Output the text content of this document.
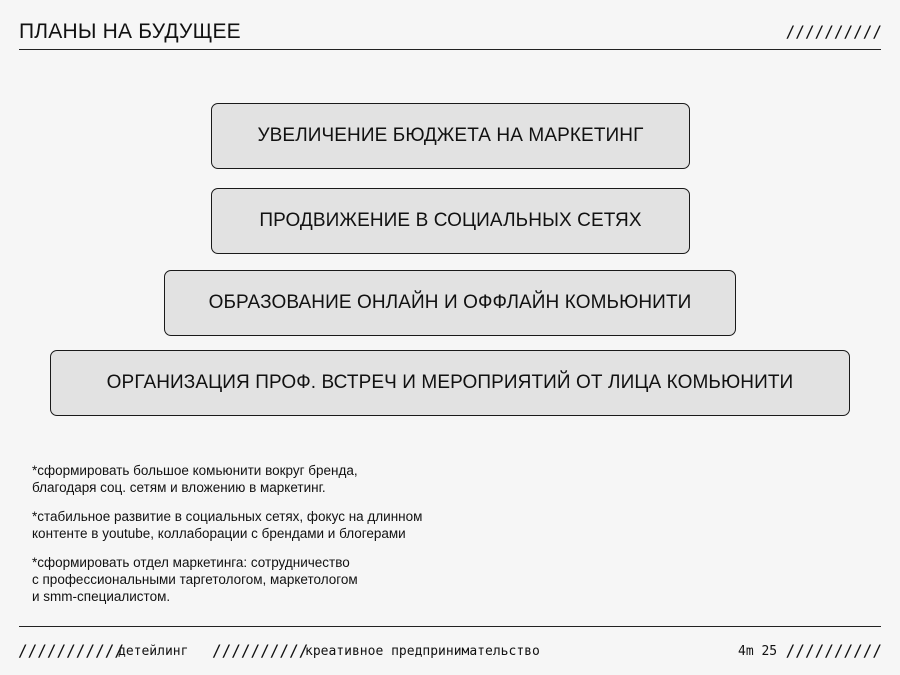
ПЛАНЫ НА БУДУЩЕЕ	//////////
УВЕЛИЧЕНИЕ БЮДЖЕТА НА МАРКЕТИНГ
ПРОДВИЖЕНИЕ В СОЦИАЛЬНЫХ СЕТЯХ
ОБРАЗОВАНИЕ ОНЛАЙН И ОФФЛАЙН КОМЬЮНИТИ
ОРГАНИЗАЦИЯ ПРОФ. ВСТРЕЧ И МЕРОПРИЯТИЙ ОТ ЛИЦА КОМЬЮНИТИ
*сформировать большое комьюнити вокруг бренда,
благодаря соц. сетям и вложению в маркетинг.
*стабильное развитие в социальных сетях, фокус на длинном
контенте в youtube, коллаборации с брендами и блогерами
*сформировать отдел маркетинга: сотрудничество
с профессиональными таргетологом, маркетологом
и smm-специалистом.
///////////
детейлинг //////////
креативное предпринимательство	4m 25 //////////
